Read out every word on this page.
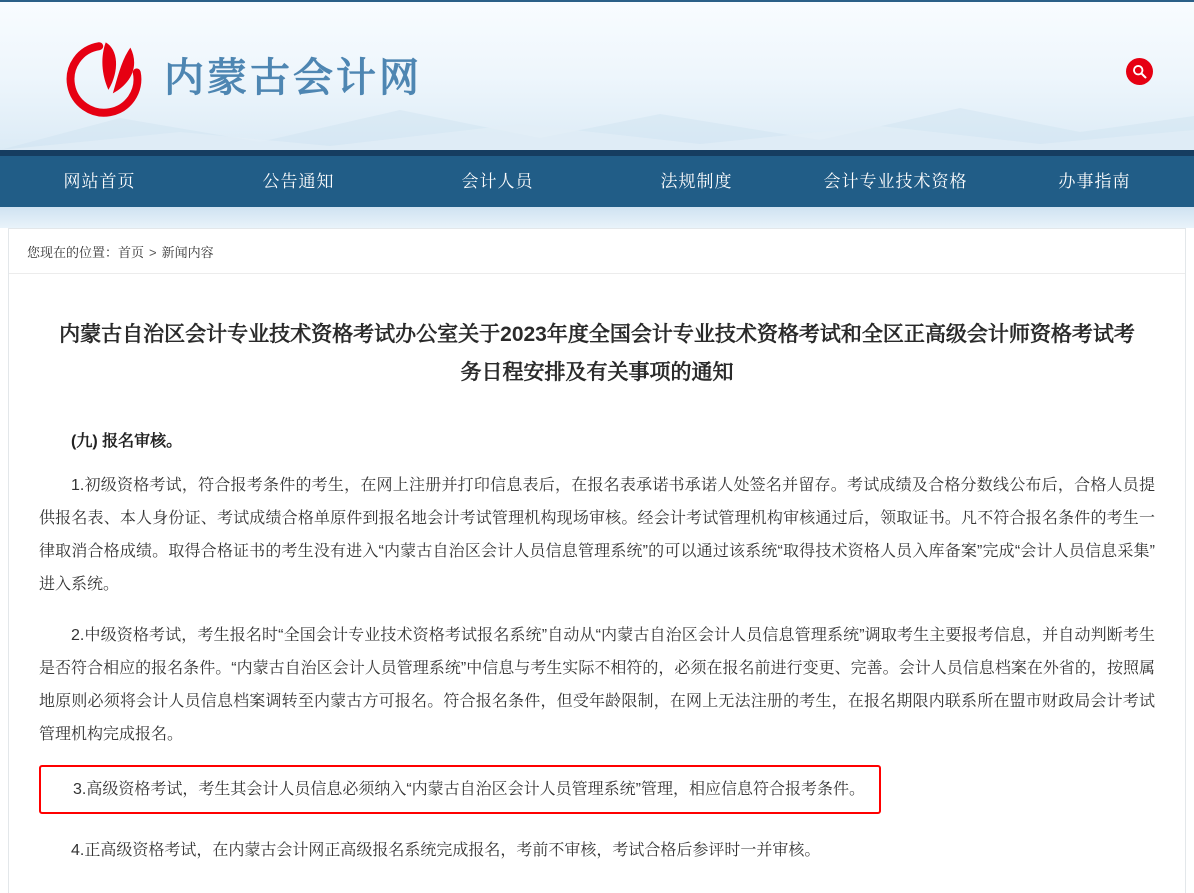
内蒙古会计网
网站首页	公告通知	会计人员	法规制度	会计专业技术资格	办事指南
您现在的位置：首页 > 新闻内容
内蒙古自治区会计专业技术资格考试办公室关于2023年度全国会计专业技术资格考试和全区正高级会计师资格考试考务日程安排及有关事项的通知
(九) 报名审核。

1.初级资格考试，符合报考条件的考生，在网上注册并打印信息表后，在报名表承诺书承诺人处签名并留存。考试成绩及合格分数线公布后，合格人员提供报名表、本人身份证、考试成绩合格单原件到报名地会计考试管理机构现场审核。经会计考试管理机构审核通过后，领取证书。凡不符合报名条件的考生一律取消合格成绩。取得合格证书的考生没有进入“内蒙古自治区会计人员信息管理系统”的可以通过该系统“取得技术资格人员入库备案”完成“会计人员信息采集”进入系统。

2.中级资格考试，考生报名时“全国会计专业技术资格考试报名系统”自动从“内蒙古自治区会计人员信息管理系统”调取考生主要报考信息，并自动判断考生是否符合相应的报名条件。“内蒙古自治区会计人员管理系统”中信息与考生实际不相符的，必须在报名前进行变更、完善。会计人员信息档案在外省的，按照属地原则必须将会计人员信息档案调转至内蒙古方可报名。符合报名条件，但受年龄限制，在网上无法注册的考生，在报名期限内联系所在盟市财政局会计考试管理机构完成报名。

3.高级资格考试，考生其会计人员信息必须纳入“内蒙古自治区会计人员管理系统”管理，相应信息符合报考条件。

4.正高级资格考试，在内蒙古会计网正高级报名系统完成报名，考前不审核，考试合格后参评时一并审核。
